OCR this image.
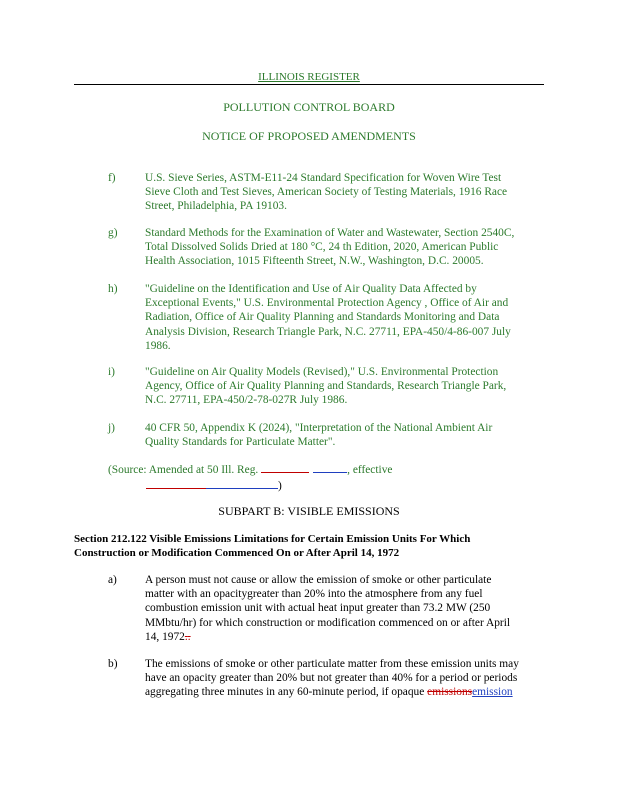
ILLINOIS REGISTER
POLLUTION CONTROL BOARD
NOTICE OF PROPOSED AMENDMENTS
f)	U.S. Sieve Series, ASTM-E11-24 Standard Specification for Woven Wire Test
Sieve Cloth and Test Sieves, American Society of Testing Materials, 1916 Race
Street, Philadelphia, PA 19103.
g) Standard Methods for the Examination of Water and Wastewater, Section 2540C,
Total Dissolved Solids Dried at 180 °C, 24 th Edition, 2020, American Public
Health Association, 1015 Fifteenth Street, N.W., Washington, D.C. 20005.
h) "Guideline on the Identification and Use of Air Quality Data Affected by
Exceptional Events," U.S. Environmental Protection Agency , Office of Air and
Radiation, Office of Air Quality Planning and Standards Monitoring and Data
Analysis Division, Research Triangle Park, N.C. 27711, EPA-450/4-86-007 July
1986.
i)	"Guideline on Air Quality Models (Revised)," U.S. Environmental Protection
Agency, Office of Air Quality Planning and Standards, Research Triangle Park,
N.C. 27711, EPA-450/2-78-027R July 1986.
j)	40 CFR 50, Appendix K (2024), "Interpretation of the National Ambient Air
Quality Standards for Particulate Matter".
(Source: Amended at 50 Ill. Reg.	, effective
)
SUBPART B: VISIBLE EMISSIONS
Section 212.122 Visible Emissions Limitations for Certain Emission Units For Which
Construction or Modification Commenced On or After April 14, 1972
a) A person must not cause or allow the emission of smoke or other particulate
matter with an opacitygreater than 20% into the atmosphere from any fuel
combustion emission unit with actual heat input greater than 73.2 MW (250
MMbtu/hr) for which construction or modification commenced on or after April
14, 1972..
b) The emissions of smoke or other particulate matter from these emission units may
have an opacity greater than 20% but not greater than 40% for a period or periods
aggregating three minutes in any 60-minute period, if opaque emissionsemission
